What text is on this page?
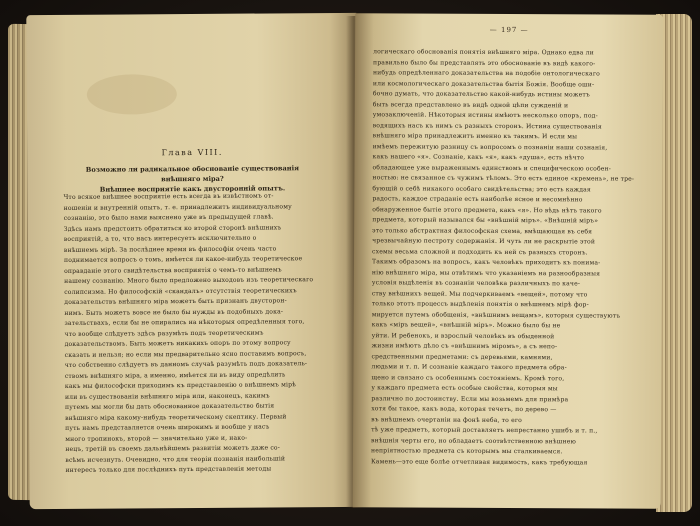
Глава VIII.
Возможно ли радикальное обоснованіе существованія внѣшняго міра?
Внѣшнее восприятіе какъ двусторонній опытъ.

Что всякое внѣшнее восприятіе есть всегда въ извѣстномъ от-

ношеніи и внутренній опытъ, т. е. принадлежитъ индивидуальному

сознанію, это было нами выяснено уже въ предыдущей главѣ.

Здѣсь намъ предстоитъ обратиться ко второй сторонѣ внѣшнихъ

восприятій, а то, что насъ интересуетъ исключительно о

внѣшнемъ мірѣ. За послѣднее время въ философіи очень часто

поднимается вопросъ о томъ, имѣется ли какое-нибудь теоретическое

оправданіе этого свидѣтельства восприятія о чемъ-то внѣшнемъ

нашему сознанію. Много было предложено выходовъ изъ теоретическаго

солипсизма. Но философскій «скандалъ» отсутствія теоретическихъ

доказательствъ внѣшняго міра можетъ быть признанъ двусторон-

нимъ. Быть можетъ вовсе не было бы нужды въ подобныхъ дока-

зательствахъ, если бы не опирались на нѣкоторыя опредѣленныя того,

что вообще слѣдуетъ здѣсь разумѣть подъ теоретическимъ

доказательствомъ. Быть можетъ никакихъ опоръ по этому вопросу

сказать и нельзя; но если мы предварительно ясно поставимъ вопросъ,

что собственно слѣдуетъ въ данномъ случаѣ разумѣть подъ доказатель-

ствомъ внѣшняго міра, а именно, имѣется ли въ виду опредѣлить

какъ мы философски приходимъ къ представленію о внѣшнемъ мірѣ

или въ существованіи внѣшняго міра или, наконецъ, какимъ

путемъ мы могли бы дать обоснованное доказательство бытія

внѣшняго міра какому-нибудь теоретическому скептику. Первый

путь намъ представляется очень широкимъ и вообще у насъ

много тропинокъ, второй — значительно уже и, нако-

нецъ, третій въ своемъ дальнѣйшемъ развитіи можетъ даже со-

всѣмъ исчезнуть. Очевидно, что для теоріи познанія наибольшій

интересъ только для послѣднихъ путь представленія методы

— 197 —

логическаго обоснованія понятія внѣшняго міра. Однако едва ли

правильно было бы представлять это обоснованіе въ видѣ какого-

нибудь опредѣленнаго доказательства на подобіе онтологическаго

или космологическаго доказательства бытія Божія. Вообще оши-

бочно думать, что доказательство какой-нибудь истины можетъ

быть всегда представлено въ видѣ одной цѣпи сужденій и

умозаключеній. Нѣкоторыя истины имѣютъ несколько опоръ, под-

водящихъ насъ къ нимъ съ разныхъ сторонъ. Истина существованія

внѣшняго міра принадлежитъ именно къ такимъ. И если мы

имѣемъ пережитую разницу съ вопросомъ о познаніи наши сознанія,

какъ нашего «я». Сознаніе, какъ «я», какъ «душа», есть нѣчто

обладающее уже выраженнымъ единствомъ и специфическою особен-

ностью: не связанное съ чужимъ тѣломъ. Это есть единое «кремень», не тре-

бующій о себѣ никакого особаго свидѣтельства; это есть каждая

радость, каждое страданіе есть наиболѣе ясное и несомнѣнно

обнаруженное бытіе этого предмета, какъ «я». Но вѣдь нѣтъ такого

предмета, который назывался бы «внѣшній міръ». «Внѣшній міръ»

это только абстрактная философская схема, вмѣщающая въ себя

чрезвычайную пестроту содержанія. И чуть ли не раскрытіе этой

схемы весьма сложной и подходить къ ней съ разныхъ сторонъ.

Такимъ образомъ на вопросъ, какъ человѣкъ приходитъ къ понима-

нію внѣшняго міра, мы отвѣтимъ что указаніемъ на разнообразныя

условія выдѣленія въ сознаніи человѣка различныхъ по каче-

ству внѣшнихъ вещей. Мы подчеркиваемъ «вещей», потому что

только этотъ процессъ выдѣленія понятія о внѣшнемъ мірѣ фор-

мируется путемъ обобщенія, «внѣшнимъ вещамъ», которыя существуютъ

какъ «міръ вещей», «внѣшній міръ». Можно было бы не

уйти. И ребенокъ, и взрослый человѣкъ въ обыденной

жизни имѣютъ дѣло съ «внѣшнимъ міромъ», а съ непо-

средственными предметами: съ деревьями, камнями,

людьми и т. п. И сознаніе каждаго такого предмета обра-

щено и связано съ особеннымъ состояніемъ. Кромѣ того,

у каждаго предмета есть особые свойства, которыя мы

различно по достоинству. Если мы возьмемъ для примѣра

хотя бы такое, какъ вода, которая течетъ, по дерево —

въ внѣшнемъ очертаніи на фонѣ неба, то его

тѣ уже предметъ, который доставляетъ непрестанно ушибъ и т. п.,

внѣшнія черты его, но обладаетъ соотвѣтственною внѣшнею

непріятностью предмета съ которымъ мы сталкиваемся.

Камень—это еще болѣе отчетливая видимость, какъ требующая
